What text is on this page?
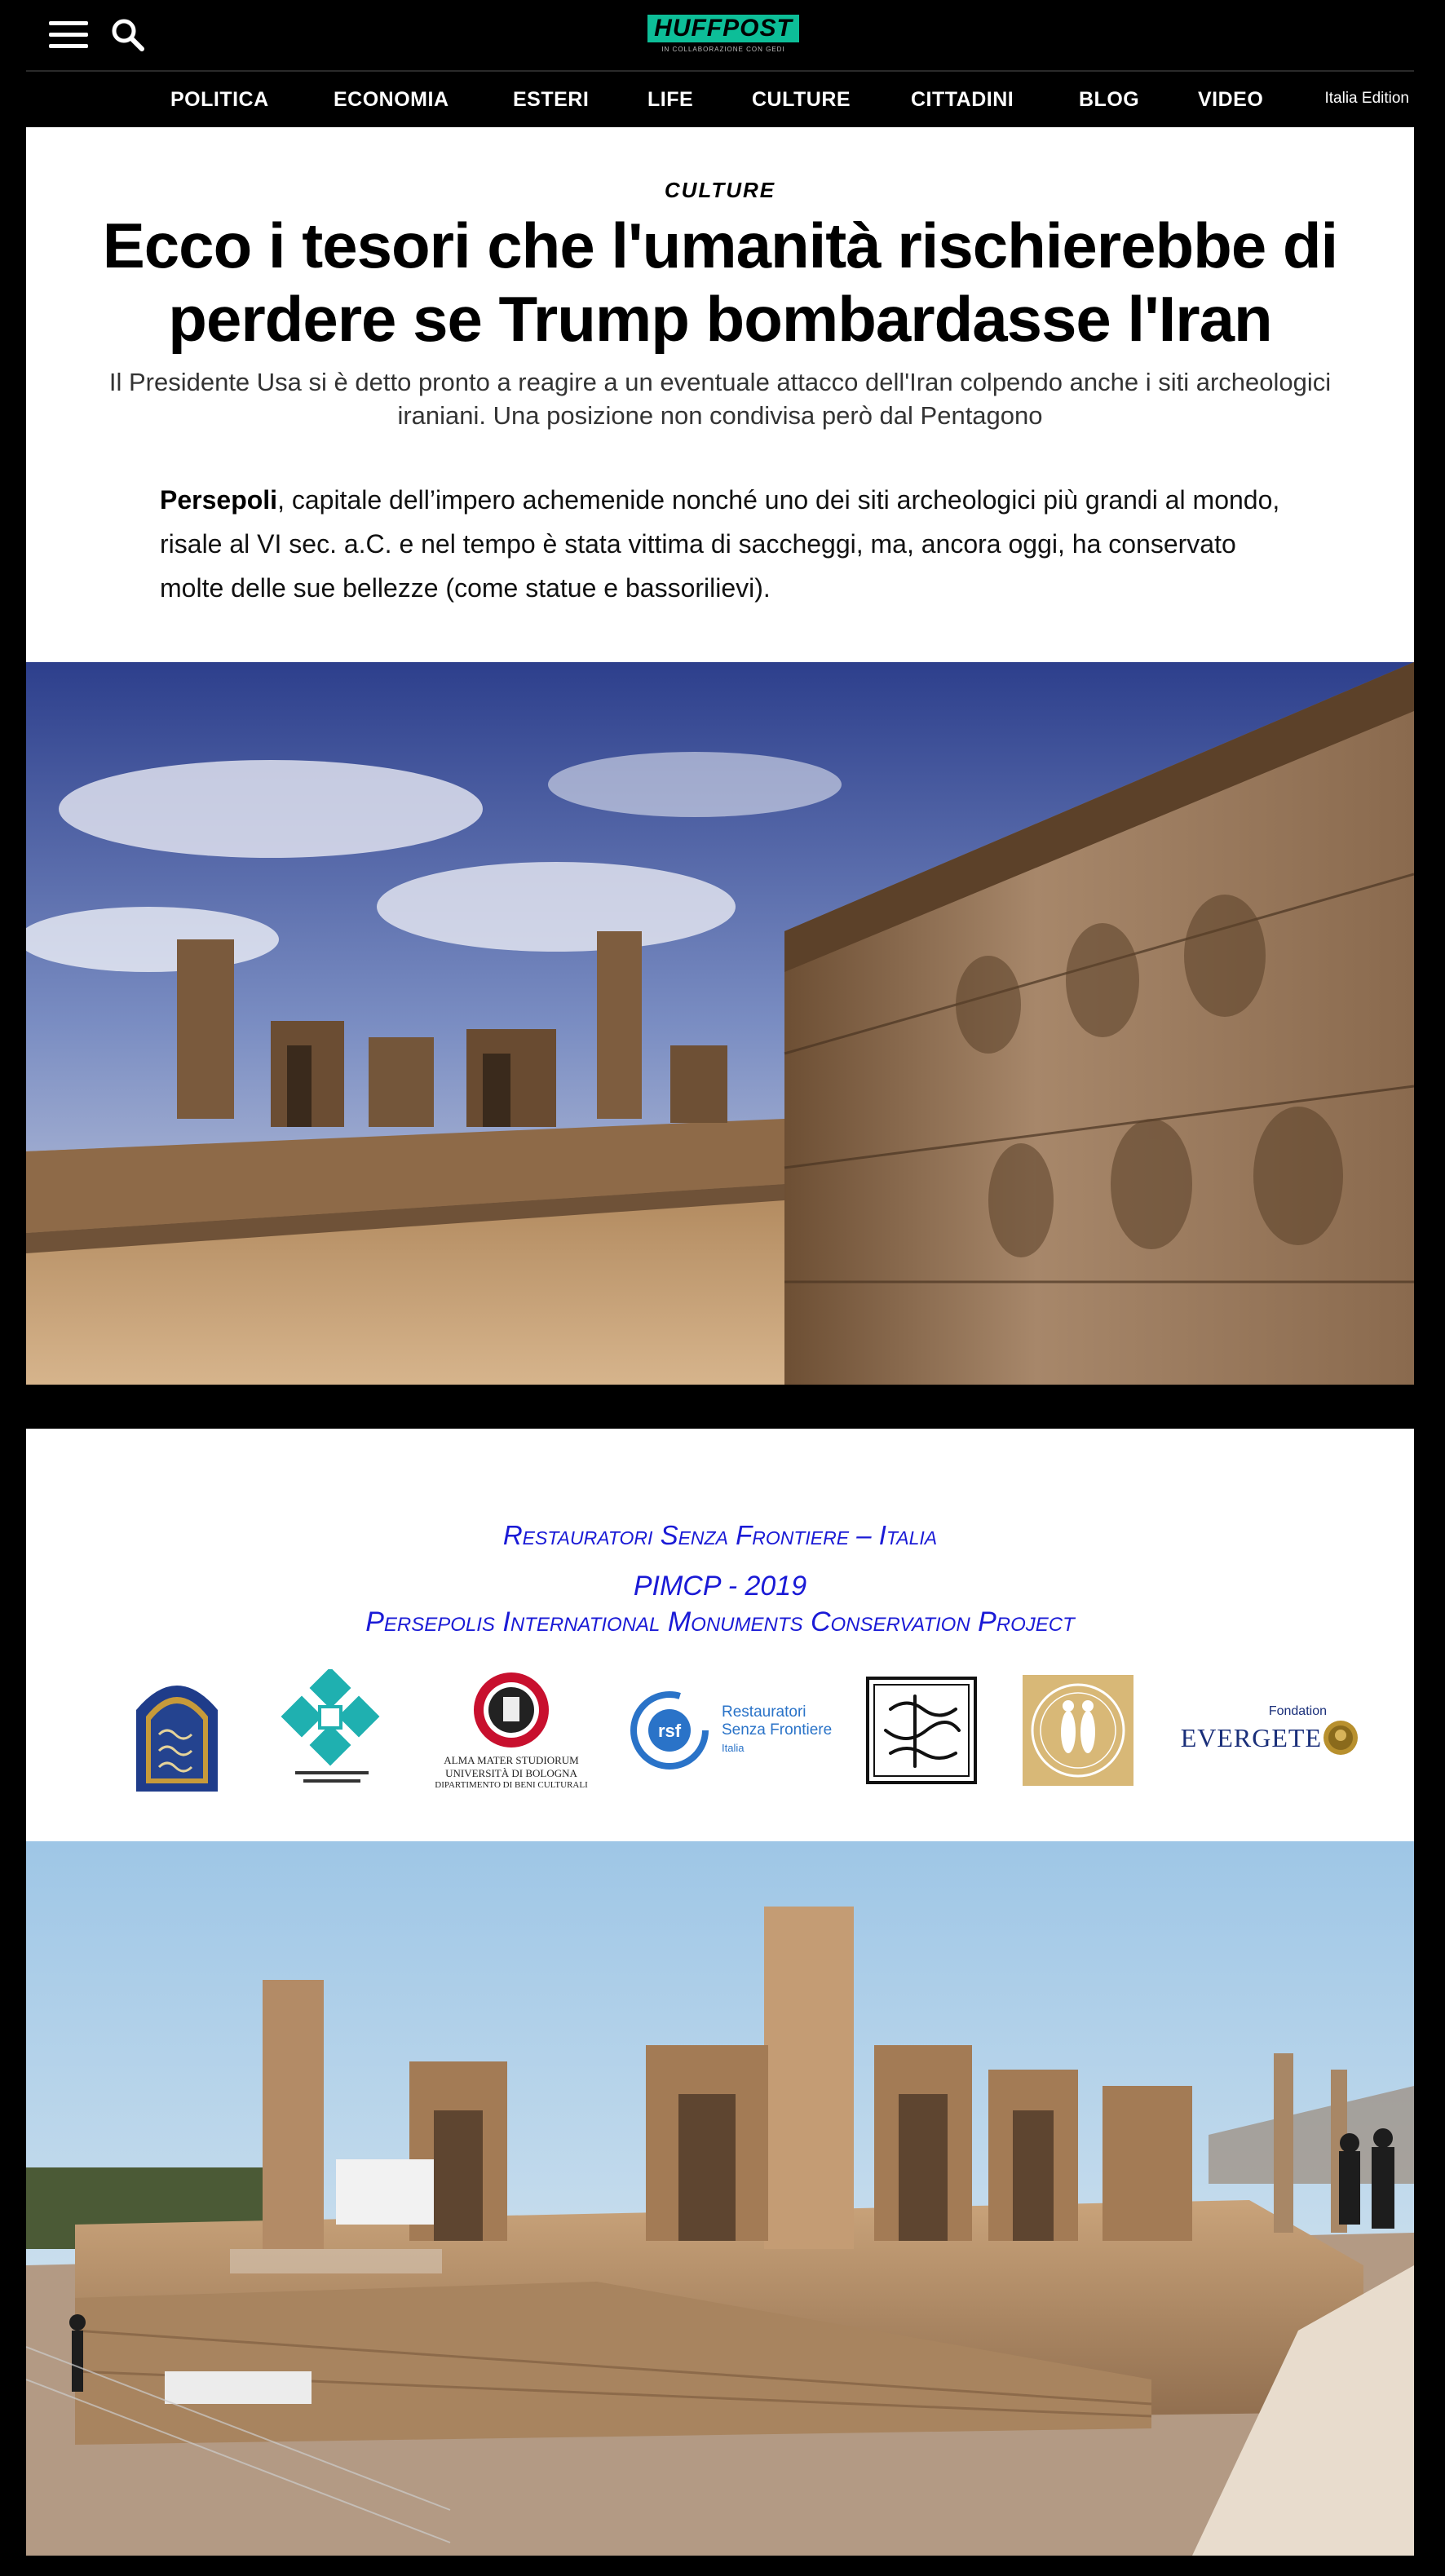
HUFFPOST
IN COLLABORAZIONE CON GEDI
POLITICA	ECONOMIA	ESTERI	LIFE	CULTURE	CITTADINI	BLOG	VIDEO	Italia Edition
CULTURE
Ecco i tesori che l'umanità rischierebbe di perdere se Trump bombardasse l'Iran
Il Presidente Usa si è detto pronto a reagire a un eventuale attacco dell'Iran colpendo anche i siti archeologici iraniani. Una posizione non condivisa però dal Pentagono
Persepoli, capitale dell’impero achemenide nonché uno dei siti archeologici più grandi al mondo, risale al VI sec. a.C. e nel tempo è stata vittima di saccheggi, ma, ancora oggi, ha conservato molte delle sue bellezze (come statue e bassorilievi).
Restauratori Senza Frontiere – Italia
PIMCP - 2019
Persepolis International Monuments Conservation Project
ALMA MATER STUDIORUM
UNIVERSITÀ DI BOLOGNA
DIPARTIMENTO DI BENI CULTURALI
rsf
Restauratori Senza Frontiere
Italia
Fondation
EVERGETE
